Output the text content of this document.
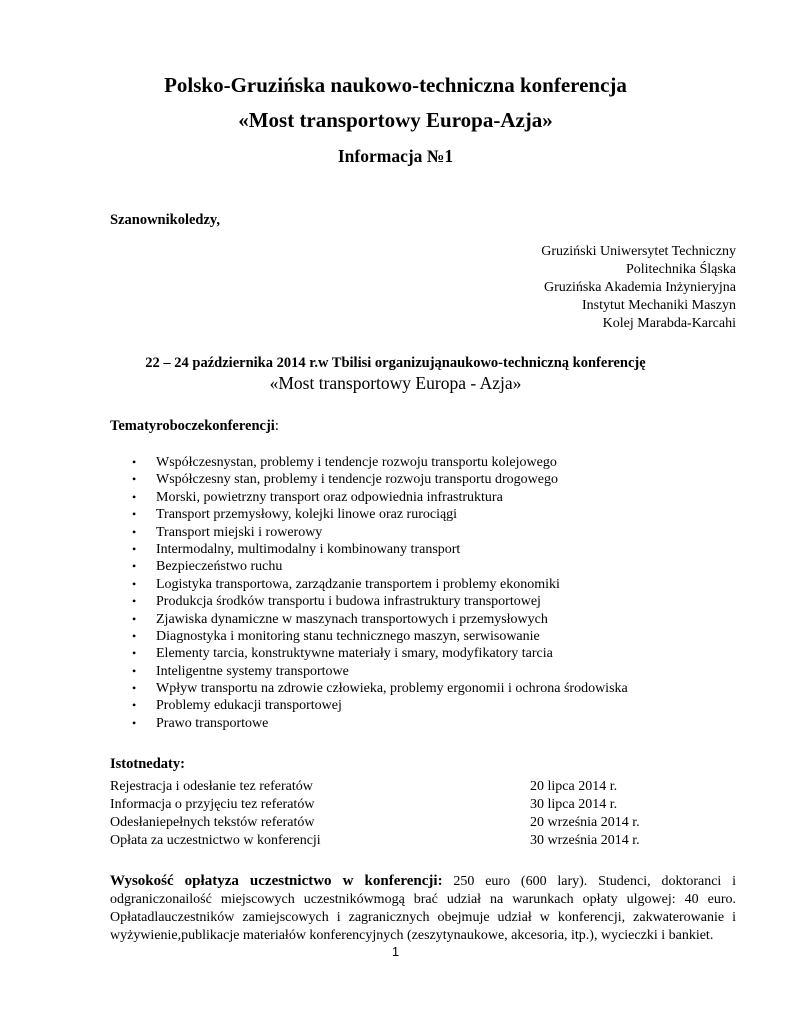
Polsko-Gruzińska naukowo-techniczna konferencja
«Most transportowy Europa-Azja»
Informacja №1
Szanownikoledzy,
Gruziński Uniwersytet Techniczny
Politechnika Śląska
Gruzińska Akademia Inżynieryjna
Instytut Mechaniki Maszyn
Kolej Marabda-Karcahi
22 – 24 października 2014 r.w Tbilisi organizująnaukowo-techniczną konferencję
«Most transportowy Europa - Azja»
Tematyroboczekonferencji:
• Współczesnystan, problemy i tendencje rozwoju transportu kolejowego
• Współczesny stan, problemy i tendencje rozwoju transportu drogowego
• Morski, powietrzny transport oraz odpowiednia infrastruktura
• Transport przemysłowy, kolejki linowe oraz rurociągi
• Transport miejski i rowerowy
• Intermodalny, multimodalny i kombinowany transport
• Bezpieczeństwo ruchu
• Logistyka transportowa, zarządzanie transportem i problemy ekonomiki
• Produkcja środków transportu i budowa infrastruktury transportowej
• Zjawiska dynamiczne w maszynach transportowych i przemysłowych
• Diagnostyka i monitoring stanu technicznego maszyn, serwisowanie
• Elementy tarcia, konstruktywne materiały i smary, modyfikatory tarcia
• Inteligentne systemy transportowe
• Wpływ transportu na zdrowie człowieka, problemy ergonomii i ochrona środowiska
• Problemy edukacji transportowej
• Prawo transportowe
Istotnedaty:
Rejestracja i odesłanie tez referatów	20 lipca 2014 r.
Informacja o przyjęciu tez referatów	30 lipca 2014 r.
Odesłaniepełnych tekstów referatów	20 września 2014 r.
Opłata za uczestnictwo w konferencji	30 września 2014 r.
Wysokość opłatyza uczestnictwo w konferencji: 250 euro (600 lary). Studenci, doktoranci i odgraniczonailość miejscowych uczestnikówmogą brać udział na warunkach opłaty ulgowej: 40 euro. Opłatadlauczestników zamiejscowych i zagranicznych obejmuje udział w konferencji, zakwaterowanie i wyżywienie,publikacje materiałów konferencyjnych (zeszytynaukowe, akcesoria, itp.), wycieczki i bankiet.
1
